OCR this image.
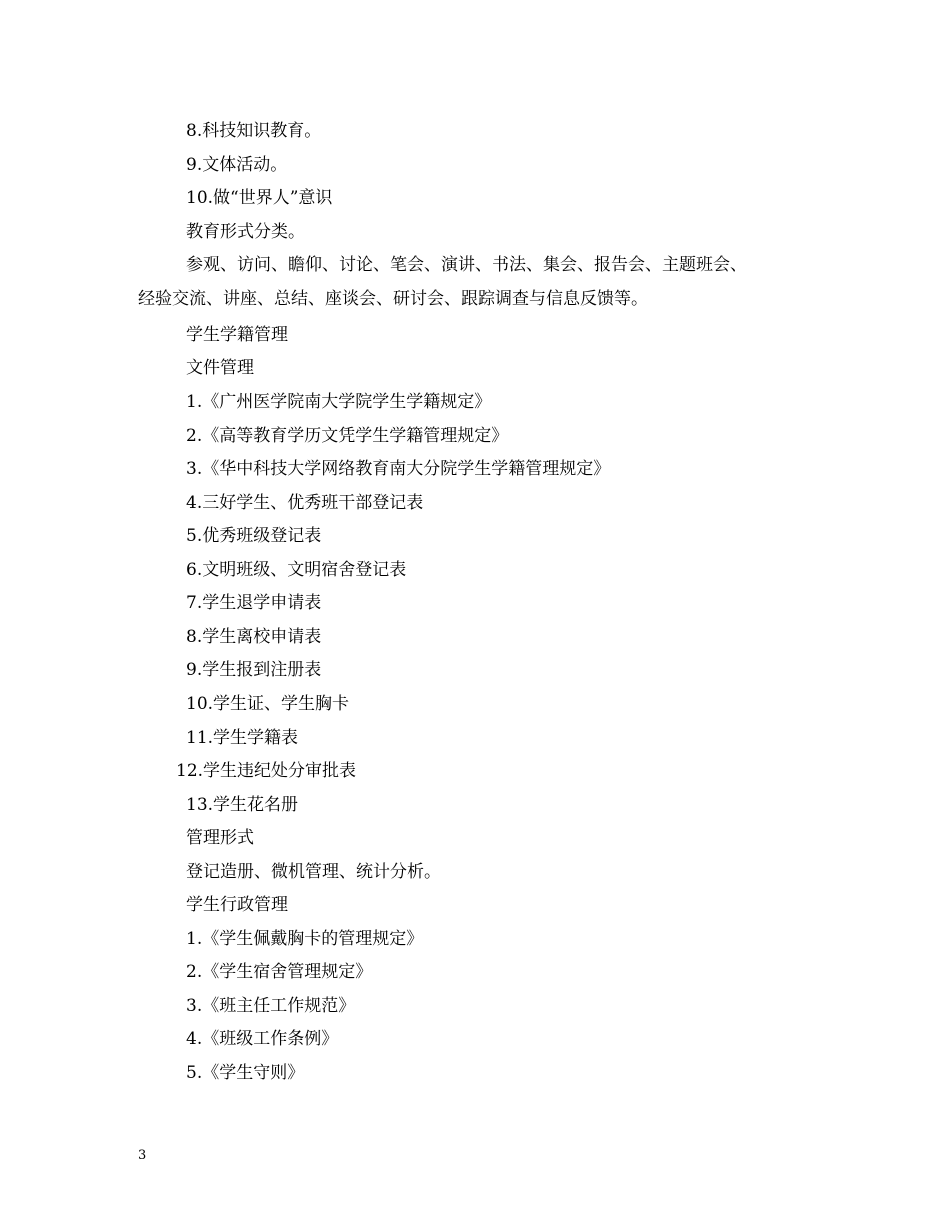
8.科技知识教育。
9.文体活动。
10.做“世界人”意识
教育形式分类。
参观、访问、瞻仰、讨论、笔会、演讲、书法、集会、报告会、主题班会、
经验交流、讲座、总结、座谈会、研讨会、跟踪调查与信息反馈等。
学生学籍管理
文件管理
1.《广州医学院南大学院学生学籍规定》
2.《高等教育学历文凭学生学籍管理规定》
3.《华中科技大学网络教育南大分院学生学籍管理规定》
4.三好学生、优秀班干部登记表
5.优秀班级登记表
6.文明班级、文明宿舍登记表
7.学生退学申请表
8.学生离校申请表
9.学生报到注册表
10.学生证、学生胸卡
11.学生学籍表
12.学生违纪处分审批表
13.学生花名册
管理形式
登记造册、微机管理、统计分析。
学生行政管理
1.《学生佩戴胸卡的管理规定》
2.《学生宿舍管理规定》
3.《班主任工作规范》
4.《班级工作条例》
5.《学生守则》
3
